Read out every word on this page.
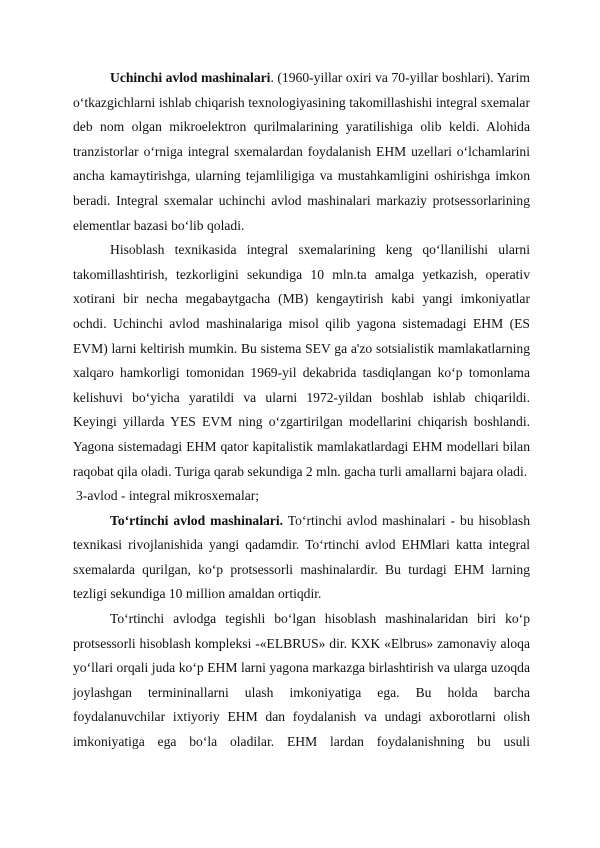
Uchinchi avlod mashinalari. (1960-yillar oxiri va 70-yillar boshlari). Yarim o‘tkazgichlarni ishlab chiqarish texnologiyasining takomillashishi integral sxemalar deb nom olgan mikroelektron qurilmalarining yaratilishiga olib keldi. Alohida tranzistorlar o‘rniga integral sxemalardan foydalanish EHM uzellari o‘lchamlarini ancha kamaytirishga, ularning tejamliligiga va mustahkamligini oshirishga imkon beradi. Integral sxemalar uchinchi avlod mashinalari markaziy protsessorlarining elementlar bazasi bo‘lib qoladi.

Hisoblash texnikasida integral sxemalarining keng qo‘llanilishi ularni takomillashtirish, tezkorligini sekundiga 10 mln.ta amalga yetkazish, operativ xotirani bir necha megabaytgacha (MB) kengaytirish kabi yangi imkoniyatlar ochdi. Uchinchi avlod mashinalariga misol qilib yagona sistemadagi EHM (ES EVM) larni keltirish mumkin. Bu sistema SEV ga a'zo sotsialistik mamlakatlarning xalqaro hamkorligi tomonidan 1969-yil dekabrida tasdiqlangan ko‘p tomonlama kelishuvi bo‘yicha yaratildi va ularni 1972-yildan boshlab ishlab chiqarildi. Keyingi yillarda YES EVM ning o‘zgartirilgan modellarini chiqarish boshlandi. Yagona sistemadagi EHM qator kapitalistik mamlakatlardagi EHM modellari bilan raqobat qila oladi. Turiga qarab sekundiga 2 mln. gacha turli amallarni bajara oladi.

3-avlod - integral mikrosxemalar;

To‘rtinchi avlod mashinalari. To‘rtinchi avlod mashinalari - bu hisoblash texnikasi rivojlanishida yangi qadamdir. To‘rtinchi avlod EHMlari katta integral sxemalarda qurilgan, ko‘p protsessorli mashinalardir. Bu turdagi EHM larning tezligi sekundiga 10 million amaldan ortiqdir.

To‘rtinchi avlodga tegishli bo‘lgan hisoblash mashinalaridan biri ko‘p protsessorli hisoblash kompleksi -«ELBRUS» dir. KXK «Elbrus» zamonaviy aloqa yo‘llari orqali juda ko‘p EHM larni yagona markazga birlashtirish va ularga uzoqda joylashgan termininallarni ulash imkoniyatiga ega. Bu holda barcha foydalanuvchilar ixtiyoriy EHM dan foydalanish va undagi axborotlarni olish imkoniyatiga ega bo‘la oladilar. EHM lardan foydalanishning bu usuli
